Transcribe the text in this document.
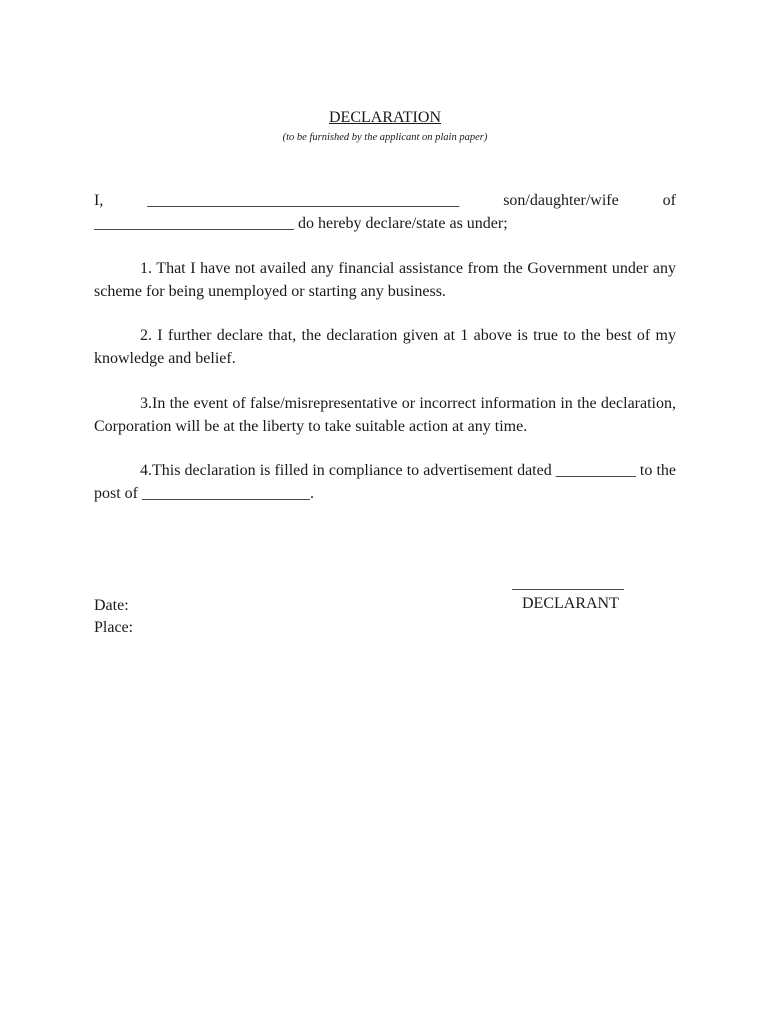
DECLARATION
(to be furnished by the applicant on plain paper)
I,	_______________________________________	son/daughter/wife	of
_________________________ do hereby declare/state as under;
1. That I have not availed any financial assistance from the Government under any scheme for being unemployed or starting any business.
2. I further declare that, the declaration given at 1 above is true to the best of my knowledge and belief.
3.In the event of false/misrepresentative or incorrect information in the declaration, Corporation will be at the liberty to take suitable action at any time.
4.This declaration is filled in compliance to advertisement dated __________ to the post of _____________________.
______________
DECLARANT
Date:
Place:
